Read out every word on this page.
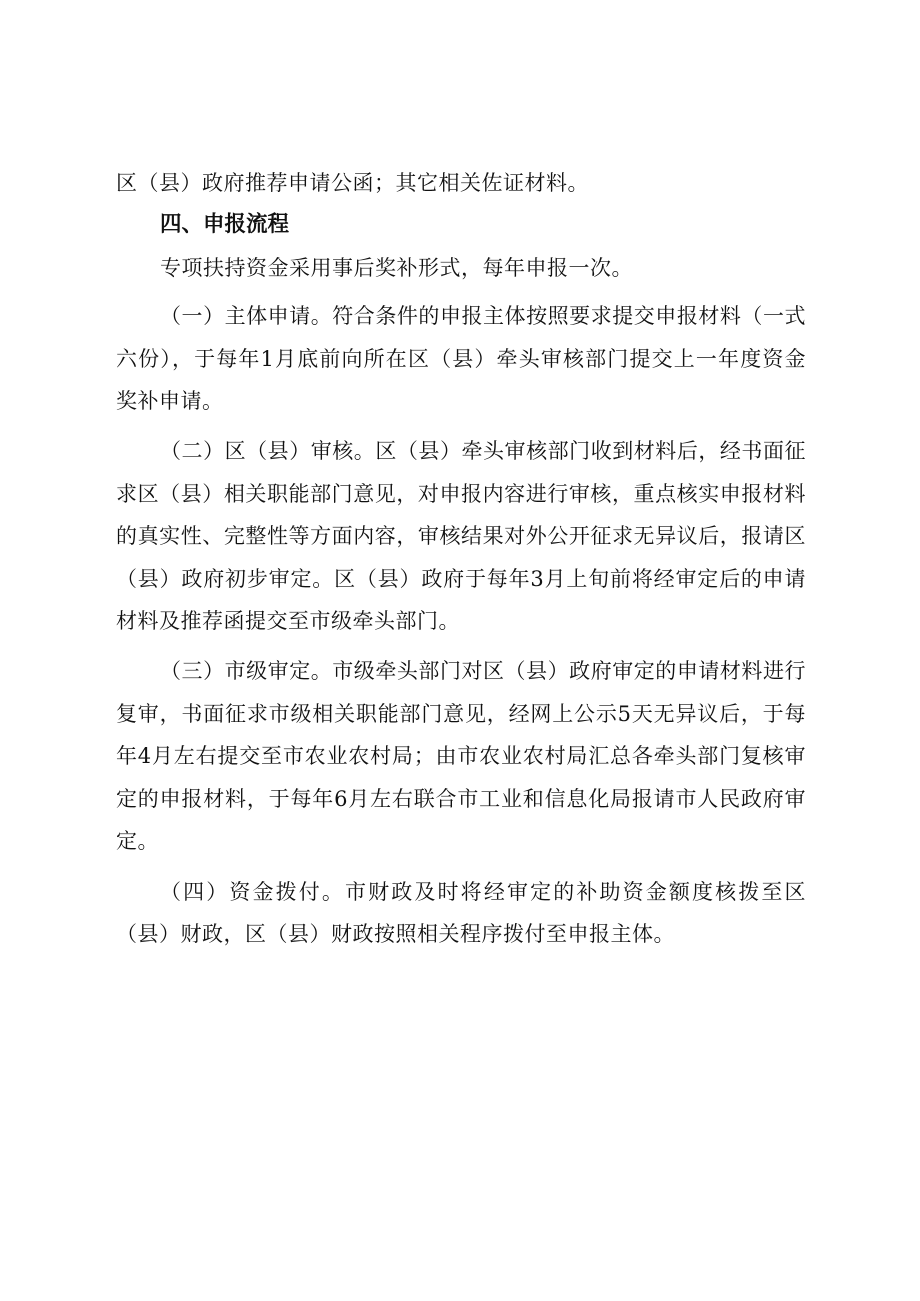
区（县）政府推荐申请公函；其它相关佐证材料。

四、申报流程

专项扶持资金采用事后奖补形式，每年申报一次。

（一）主体申请。符合条件的申报主体按照要求提交申报材料（一式六份），于每年1月底前向所在区（县）牵头审核部门提交上一年度资金奖补申请。

（二）区（县）审核。区（县）牵头审核部门收到材料后，经书面征求区（县）相关职能部门意见，对申报内容进行审核，重点核实申报材料的真实性、完整性等方面内容，审核结果对外公开征求无异议后，报请区（县）政府初步审定。区（县）政府于每年3月上旬前将经审定后的申请材料及推荐函提交至市级牵头部门。

（三）市级审定。市级牵头部门对区（县）政府审定的申请材料进行复审，书面征求市级相关职能部门意见，经网上公示5天无异议后，于每年4月左右提交至市农业农村局；由市农业农村局汇总各牵头部门复核审定的申报材料，于每年6月左右联合市工业和信息化局报请市人民政府审定。

（四）资金拨付。市财政及时将经审定的补助资金额度核拨至区（县）财政，区（县）财政按照相关程序拨付至申报主体。
